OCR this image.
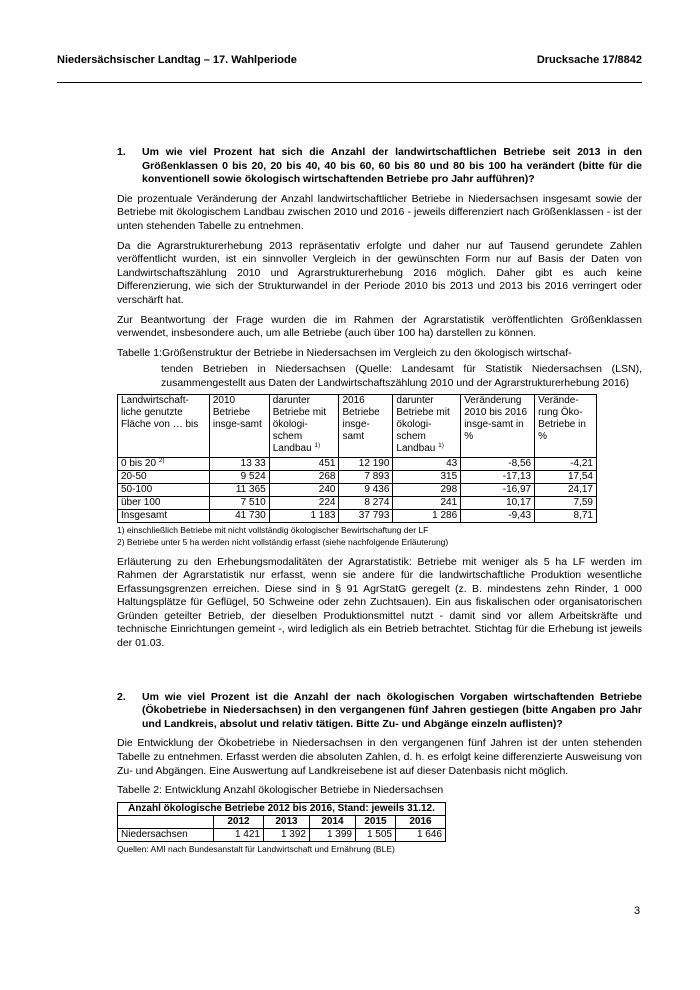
Niedersächsischer Landtag – 17. Wahlperiode	Drucksache 17/8842
1.	Um wie viel Prozent hat sich die Anzahl der landwirtschaftlichen Betriebe seit 2013 in den Größenklassen 0 bis 20, 20 bis 40, 40 bis 60, 60 bis 80 und 80 bis 100 ha verändert (bitte für die konventionell sowie ökologisch wirtschaftenden Betriebe pro Jahr aufführen)?

Die prozentuale Veränderung der Anzahl landwirtschaftlicher Betriebe in Niedersachsen insgesamt sowie der Betriebe mit ökologischem Landbau zwischen 2010 und 2016 - jeweils differenziert nach Größenklassen - ist der unten stehenden Tabelle zu entnehmen.

Da die Agrarstrukturerhebung 2013 repräsentativ erfolgte und daher nur auf Tausend gerundete Zahlen veröffentlicht wurden, ist ein sinnvoller Vergleich in der gewünschten Form nur auf Basis der Daten von Landwirtschaftszählung 2010 und Agrarstrukturerhebung 2016 möglich. Daher gibt es auch keine Differenzierung, wie sich der Strukturwandel in der Periode 2010 bis 2013 und 2013 bis 2016 verringert oder verschärft hat.

Zur Beantwortung der Frage wurden die im Rahmen der Agrarstatistik veröffentlichten Größenklassen verwendet, insbesondere auch, um alle Betriebe (auch über 100 ha) darstellen zu können.

Tabelle 1: Größenstruktur der Betriebe in Niedersachsen im Vergleich zu den ökologisch wirtschaf-
tenden Betrieben in Niedersachsen (Quelle: Landesamt für Statistik Niedersachsen (LSN), zusammengestellt aus Daten der Landwirtschaftszählung 2010 und der Agrarstrukturerhebung 2016)
Landwirtschaft-liche genutzte Fläche von … bis	2010 Betriebe insge-samt	darunter Betriebe mit ökologi-schem Landbau $^{1)}$	2016 Betriebe insge-samt	darunter Betriebe mit ökologi-schem Landbau $^{1)}$	Veränderung 2010 bis 2016 insge-samt in %	Verände-rung Öko-Betriebe in %
0 bis 20 $^{2)}$	13 33	451	12 190	43	-8,56	-4,21
20-50	9 524	268	7 893	315	-17,13	17,54
50-100	11 365	240	9 436	298	-16,97	24,17
über 100	7 510	224	8 274	241	10,17	7,59
Insgesamt	41 730	1 183	37 793	1 286	-9,43	8,71
1) einschließlich Betriebe mit nicht vollständig ökologischer Bewirtschaftung der LF
2) Betriebe unter 5 ha werden nicht vollständig erfasst (siehe nachfolgende Erläuterung)

Erläuterung zu den Erhebungsmodalitäten der Agrarstatistik: Betriebe mit weniger als 5 ha LF werden im Rahmen der Agrarstatistik nur erfasst, wenn sie andere für die landwirtschaftliche Produktion wesentliche Erfassungsgrenzen erreichen. Diese sind in § 91 AgrStatG geregelt (z. B. mindestens zehn Rinder, 1 000 Haltungsplätze für Geflügel, 50 Schweine oder zehn Zuchtsauen). Ein aus fiskalischen oder organisatorischen Gründen geteilter Betrieb, der dieselben Produktionsmittel nutzt - damit sind vor allem Arbeitskräfte und technische Einrichtungen gemeint -, wird lediglich als ein Betrieb betrachtet. Stichtag für die Erhebung ist jeweils der 01.03.

2.	Um wie viel Prozent ist die Anzahl der nach ökologischen Vorgaben wirtschaftenden Betriebe (Ökobetriebe in Niedersachsen) in den vergangenen fünf Jahren gestiegen (bitte Angaben pro Jahr und Landkreis, absolut und relativ tätigen. Bitte Zu- und Abgänge einzeln auflisten)?

Die Entwicklung der Ökobetriebe in Niedersachsen in den vergangenen fünf Jahren ist der unten stehenden Tabelle zu entnehmen. Erfasst werden die absoluten Zahlen, d. h. es erfolgt keine differenzierte Ausweisung von Zu- und Abgängen. Eine Auswertung auf Landkreisebene ist auf dieser Datenbasis nicht möglich.

Tabelle 2: Entwicklung Anzahl ökologischer Betriebe in Niedersachsen
Anzahl ökologische Betriebe 2012 bis 2016, Stand: jeweils 31.12.					
	2012	2013	2014	2015	2016
Niedersachsen	1 421	1 392	1 399	1 505	1 646
Quellen: AMI nach Bundesanstalt für Landwirtschaft und Ernährung (BLE)
3
